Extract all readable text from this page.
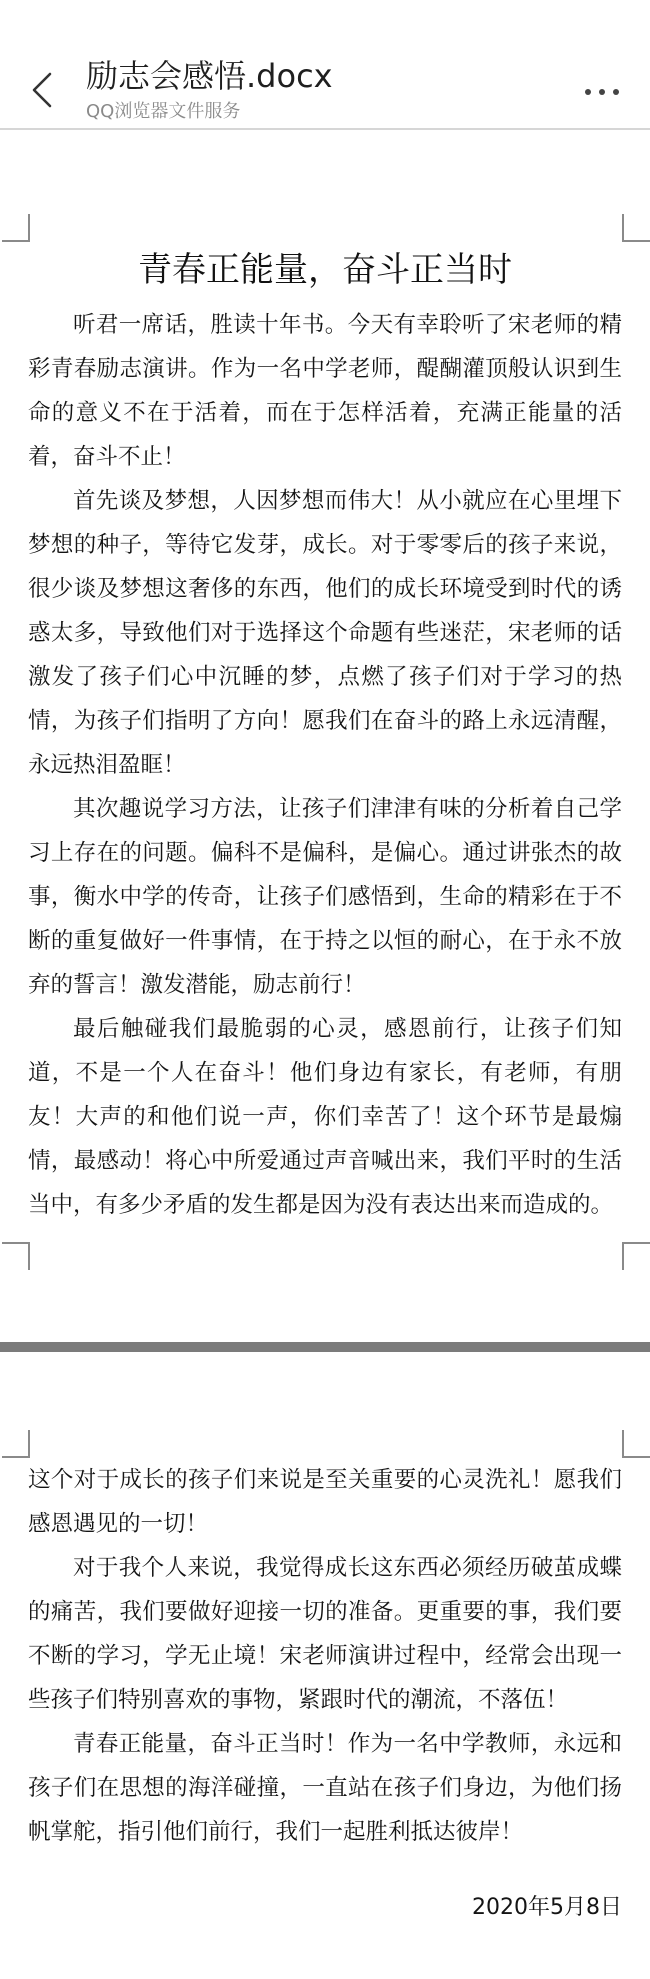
励志会感悟.docx
QQ浏览器文件服务
青春正能量，奋斗正当时

听君一席话，胜读十年书。今天有幸聆听了宋老师的精彩青春励志演讲。作为一名中学老师，醍醐灌顶般认识到生命的意义不在于活着，而在于怎样活着，充满正能量的活着，奋斗不止！

首先谈及梦想，人因梦想而伟大！从小就应在心里埋下梦想的种子，等待它发芽，成长。对于零零后的孩子来说，很少谈及梦想这奢侈的东西，他们的成长环境受到时代的诱惑太多，导致他们对于选择这个命题有些迷茫，宋老师的话激发了孩子们心中沉睡的梦，点燃了孩子们对于学习的热情，为孩子们指明了方向！愿我们在奋斗的路上永远清醒，永远热泪盈眶！

其次趣说学习方法，让孩子们津津有味的分析着自己学习上存在的问题。偏科不是偏科，是偏心。通过讲张杰的故事，衡水中学的传奇，让孩子们感悟到，生命的精彩在于不断的重复做好一件事情，在于持之以恒的耐心，在于永不放弃的誓言！激发潜能，励志前行！

最后触碰我们最脆弱的心灵，感恩前行，让孩子们知道，不是一个人在奋斗！他们身边有家长，有老师，有朋友！大声的和他们说一声，你们幸苦了！这个环节是最煽情，最感动！将心中所爱通过声音喊出来，我们平时的生活当中，有多少矛盾的发生都是因为没有表达出来而造成的。

这个对于成长的孩子们来说是至关重要的心灵洗礼！愿我们感恩遇见的一切！

对于我个人来说，我觉得成长这东西必须经历破茧成蝶的痛苦，我们要做好迎接一切的准备。更重要的事，我们要不断的学习，学无止境！宋老师演讲过程中，经常会出现一些孩子们特别喜欢的事物，紧跟时代的潮流，不落伍！

青春正能量，奋斗正当时！作为一名中学教师，永远和孩子们在思想的海洋碰撞，一直站在孩子们身边，为他们扬帆掌舵，指引他们前行，我们一起胜利抵达彼岸！

2020年5月8日
